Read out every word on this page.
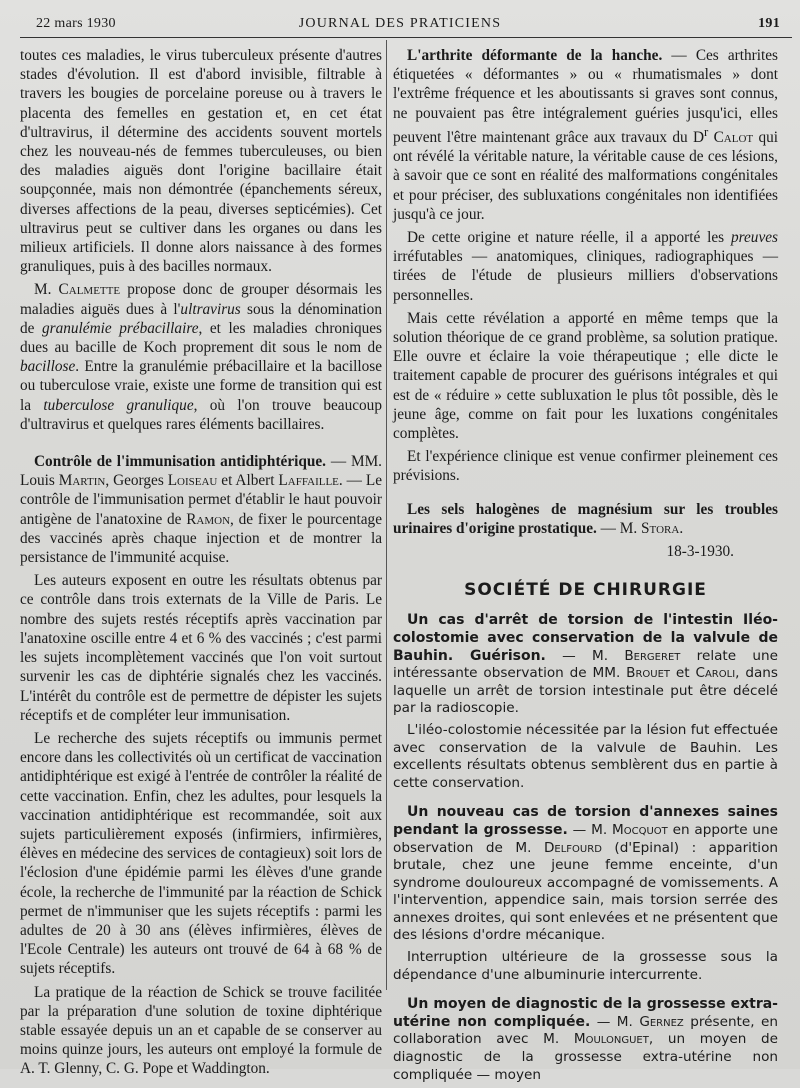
22 mars 1930	JOURNAL DES PRATICIENS	191

toutes ces maladies, le virus tuberculeux présente d'autres stades d'évolution. Il est d'abord invisible, filtrable à travers les bougies de porcelaine poreuse ou à travers le placenta des femelles en gestation et, en cet état d'ultravirus, il détermine des accidents souvent mortels chez les nouveau-nés de femmes tuberculeuses, ou bien des maladies aiguës dont l'origine bacillaire était soupçonnée, mais non démontrée (épanchements séreux, diverses affections de la peau, diverses septicémies). Cet ultravirus peut se cultiver dans les organes ou dans les milieux artificiels. Il donne alors naissance à des formes granuliques, puis à des bacilles normaux.

M. Calmette propose donc de grouper désormais les maladies aiguës dues à l'ultravirus sous la dénomination de granulémie prébacillaire, et les maladies chroniques dues au bacille de Koch proprement dit sous le nom de bacillose. Entre la granulémie prébacillaire et la bacillose ou tuberculose vraie, existe une forme de transition qui est la tuberculose granulique, où l'on trouve beaucoup d'ultravirus et quelques rares éléments bacillaires.

Contrôle de l'immunisation antidiphtérique. — MM. Louis Martin, Georges Loiseau et Albert Laffaille. — Le contrôle de l'immunisation permet d'établir le haut pouvoir antigène de l'anatoxine de Ramon, de fixer le pourcentage des vaccinés après chaque injection et de montrer la persistance de l'immunité acquise.

Les auteurs exposent en outre les résultats obtenus par ce contrôle dans trois externats de la Ville de Paris. Le nombre des sujets restés réceptifs après vaccination par l'anatoxine oscille entre 4 et 6 % des vaccinés ; c'est parmi les sujets incomplètement vaccinés que l'on voit surtout survenir les cas de diphtérie signalés chez les vaccinés. L'intérêt du contrôle est de permettre de dépister les sujets réceptifs et de compléter leur immunisation.

Le recherche des sujets réceptifs ou immunis permet encore dans les collectivités où un certificat de vaccination antidiphtérique est exigé à l'entrée de contrôler la réalité de cette vaccination. Enfin, chez les adultes, pour lesquels la vaccination antidiphtérique est recommandée, soit aux sujets particulièrement exposés (infirmiers, infirmières, élèves en médecine des services de contagieux) soit lors de l'éclosion d'une épidémie parmi les élèves d'une grande école, la recherche de l'immunité par la réaction de Schick permet de n'immuniser que les sujets réceptifs : parmi les adultes de 20 à 30 ans (élèves infirmières, élèves de l'Ecole Centrale) les auteurs ont trouvé de 64 à 68 % de sujets réceptifs.

La pratique de la réaction de Schick se trouve facilitée par la préparation d'une solution de toxine diphtérique stable essayée depuis un an et capable de se conserver au moins quinze jours, les auteurs ont employé la formule de A. T. Glenny, C. G. Pope et Waddington.

L'arthrite déformante de la hanche. — Ces arthrites étiquetées « déformantes » ou « rhumatismales » dont l'extrême fréquence et les aboutissants si graves sont connus, ne pouvaient pas être intégralement guéries jusqu'ici, elles peuvent l'être maintenant grâce aux travaux du $D^r$ Calot qui ont révélé la véritable nature, la véritable cause de ces lésions, à savoir que ce sont en réalité des malformations congénitales et pour préciser, des subluxations congénitales non identifiées jusqu'à ce jour.

De cette origine et nature réelle, il a apporté les preuves irréfutables — anatomiques, cliniques, radiographiques — tirées de l'étude de plusieurs milliers d'observations personnelles.

Mais cette révélation a apporté en même temps que la solution théorique de ce grand problème, sa solution pratique. Elle ouvre et éclaire la voie thérapeutique ; elle dicte le traitement capable de procurer des guérisons intégrales et qui est de « réduire » cette subluxation le plus tôt possible, dès le jeune âge, comme on fait pour les luxations congénitales complètes.

Et l'expérience clinique est venue confirmer pleinement ces prévisions.

Les sels halogènes de magnésium sur les troubles urinaires d'origine prostatique. — M. Stora.

18-3-1930.

SOCIÉTÉ DE CHIRURGIE

Un cas d'arrêt de torsion de l'intestin Iléo-colostomie avec conservation de la valvule de Bauhin. Guérison. — M. Bergeret relate une intéressante observation de MM. Brouet et Caroli, dans laquelle un arrêt de torsion intestinale put être décelé par la radioscopie.

L'iléo-colostomie nécessitée par la lésion fut effectuée avec conservation de la valvule de Bauhin. Les excellents résultats obtenus semblèrent dus en partie à cette conservation.

Un nouveau cas de torsion d'annexes saines pendant la grossesse. — M. Mocquot en apporte une observation de M. Delfourd (d'Epinal) : apparition brutale, chez une jeune femme enceinte, d'un syndrome douloureux accompagné de vomissements. A l'intervention, appendice sain, mais torsion serrée des annexes droites, qui sont enlevées et ne présentent que des lésions d'ordre mécanique.

Interruption ultérieure de la grossesse sous la dépendance d'une albuminurie intercurrente.

Un moyen de diagnostic de la grossesse extra-utérine non compliquée. — M. Gernez présente, en collaboration avec M. Moulonguet, un moyen de diagnostic de la grossesse extra-utérine non compliquée — moyen
